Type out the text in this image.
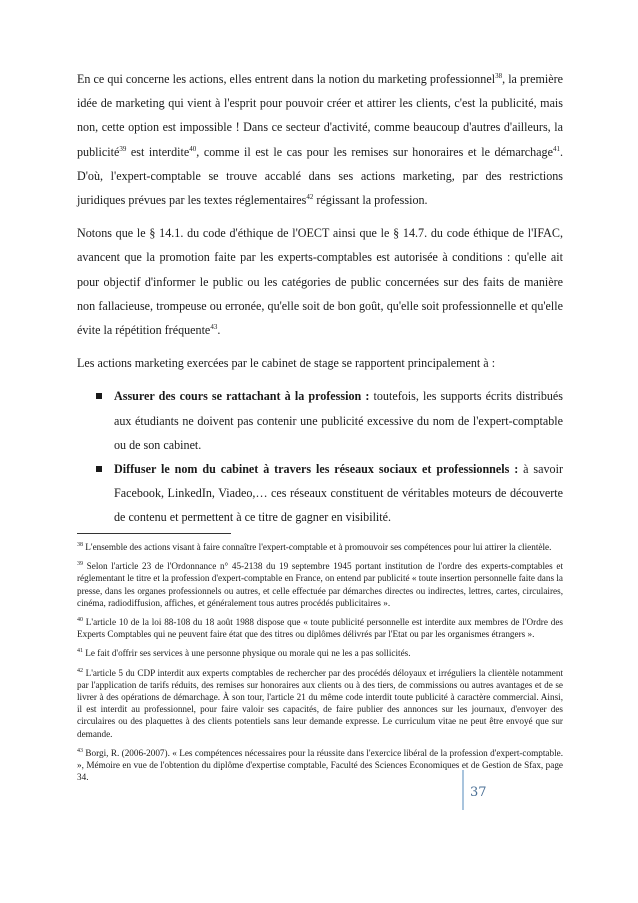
En ce qui concerne les actions, elles entrent dans la notion du marketing professionnel$^{38}$, la première idée de marketing qui vient à l'esprit pour pouvoir créer et attirer les clients, c'est la publicité, mais non, cette option est impossible ! Dans ce secteur d'activité, comme beaucoup d'autres d'ailleurs, la publicité$^{39}$ est interdite$^{40}$, comme il est le cas pour les remises sur honoraires et le démarchage$^{41}$. D'où, l'expert-comptable se trouve accablé dans ses actions marketing, par des restrictions juridiques prévues par les textes réglementaires$^{42}$ régissant la profession.

Notons que le § 14.1. du code d'éthique de l'OECT ainsi que le § 14.7. du code éthique de l'IFAC, avancent que la promotion faite par les experts-comptables est autorisée à conditions : qu'elle ait pour objectif d'informer le public ou les catégories de public concernées sur des faits de manière non fallacieuse, trompeuse ou erronée, qu'elle soit de bon goût, qu'elle soit professionnelle et qu'elle évite la répétition fréquente$^{43}$.

Les actions marketing exercées par le cabinet de stage se rapportent principalement à :

Assurer des cours se rattachant à la profession : toutefois, les supports écrits distribués aux étudiants ne doivent pas contenir une publicité excessive du nom de l'expert-comptable ou de son cabinet.
Diffuser le nom du cabinet à travers les réseaux sociaux et professionnels : à savoir Facebook, LinkedIn, Viadeo,… ces réseaux constituent de véritables moteurs de découverte de contenu et permettent à ce titre de gagner en visibilité.

$^{38}$ L'ensemble des actions visant à faire connaître l'expert-comptable et à promouvoir ses compétences pour lui attirer la clientèle.

$^{39}$ Selon l'article 23 de l'Ordonnance n° 45-2138 du 19 septembre 1945 portant institution de l'ordre des experts-comptables et réglementant le titre et la profession d'expert-comptable en France, on entend par publicité « toute insertion personnelle faite dans la presse, dans les organes professionnels ou autres, et celle effectuée par démarches directes ou indirectes, lettres, cartes, circulaires, cinéma, radiodiffusion, affiches, et généralement tous autres procédés publicitaires ».

$^{40}$ L'article 10 de la loi 88-108 du 18 août 1988 dispose que « toute publicité personnelle est interdite aux membres de l'Ordre des Experts Comptables qui ne peuvent faire état que des titres ou diplômes délivrés par l'Etat ou par les organismes étrangers ».

$^{41}$ Le fait d'offrir ses services à une personne physique ou morale qui ne les a pas sollicités.

$^{42}$ L'article 5 du CDP interdit aux experts comptables de rechercher par des procédés déloyaux et irréguliers la clientèle notamment par l'application de tarifs réduits, des remises sur honoraires aux clients ou à des tiers, de commissions ou autres avantages et de se livrer à des opérations de démarchage. À son tour, l'article 21 du même code interdit toute publicité à caractère commercial. Ainsi, il est interdit au professionnel, pour faire valoir ses capacités, de faire publier des annonces sur les journaux, d'envoyer des circulaires ou des plaquettes à des clients potentiels sans leur demande expresse. Le curriculum vitae ne peut être envoyé que sur demande.

$^{43}$ Borgi, R. (2006-2007). « Les compétences nécessaires pour la réussite dans l'exercice libéral de la profession d'expert-comptable. », Mémoire en vue de l'obtention du diplôme d'expertise comptable, Faculté des Sciences Economiques et de Gestion de Sfax, page 34.

37
